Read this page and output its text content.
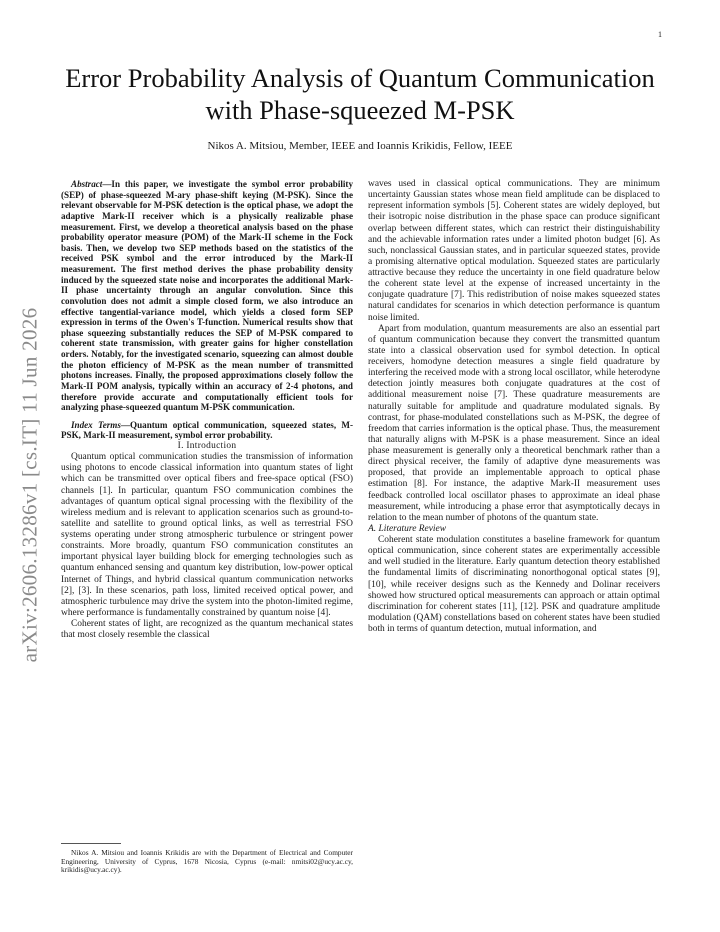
1
arXiv:2606.13286v1 [cs.IT] 11 Jun 2026
Error Probability Analysis of Quantum Communication with Phase-squeezed M-PSK
Nikos A. Mitsiou, Member, IEEE and Ioannis Krikidis, Fellow, IEEE

Abstract—In this paper, we investigate the symbol error probability (SEP) of phase-squeezed M-ary phase-shift keying (M-PSK). Since the relevant observable for M-PSK detection is the optical phase, we adopt the adaptive Mark-II receiver which is a physically realizable phase measurement. First, we develop a theoretical analysis based on the phase probability operator measure (POM) of the Mark-II scheme in the Fock basis. Then, we develop two SEP methods based on the statistics of the received PSK symbol and the error introduced by the Mark-II measurement. The first method derives the phase probability density induced by the squeezed state noise and incorporates the additional Mark-II phase uncertainty through an angular convolution. Since this convolution does not admit a simple closed form, we also introduce an effective tangential-variance model, which yields a closed form SEP expression in terms of the Owen's T-function. Numerical results show that phase squeezing substantially reduces the SEP of M-PSK compared to coherent state transmission, with greater gains for higher constellation orders. Notably, for the investigated scenario, squeezing can almost double the photon efficiency of M-PSK as the mean number of transmitted photons increases. Finally, the proposed approximations closely follow the Mark-II POM analysis, typically within an accuracy of 2-4 photons, and therefore provide accurate and computationally efficient tools for analyzing phase-squeezed quantum M-PSK communication.

Index Terms—Quantum optical communication, squeezed states, M-PSK, Mark-II measurement, symbol error probability.

I. Introduction

Quantum optical communication studies the transmission of information using photons to encode classical information into quantum states of light which can be transmitted over optical fibers and free-space optical (FSO) channels [1]. In particular, quantum FSO communication combines the advantages of quantum optical signal processing with the flexibility of the wireless medium and is relevant to application scenarios such as ground-to-satellite and satellite to ground optical links, as well as terrestrial FSO systems operating under strong atmospheric turbulence or stringent power constraints. More broadly, quantum FSO communication constitutes an important physical layer building block for emerging technologies such as quantum enhanced sensing and quantum key distribution, low-power optical Internet of Things, and hybrid classical quantum communication networks [2], [3]. In these scenarios, path loss, limited received optical power, and atmospheric turbulence may drive the system into the photon-limited regime, where performance is fundamentally constrained by quantum noise [4].

Coherent states of light, are recognized as the quantum mechanical states that most closely resemble the classical

Nikos A. Mitsiou and Ioannis Krikidis are with the Department of Electrical and Computer Engineering, University of Cyprus, 1678 Nicosia, Cyprus (e-mail: nmitsi02@ucy.ac.cy, krikidis@ucy.ac.cy).

waves used in classical optical communications. They are minimum uncertainty Gaussian states whose mean field amplitude can be displaced to represent information symbols [5]. Coherent states are widely deployed, but their isotropic noise distribution in the phase space can produce significant overlap between different states, which can restrict their distinguishability and the achievable information rates under a limited photon budget [6]. As such, nonclassical Gaussian states, and in particular squeezed states, provide a promising alternative optical modulation. Squeezed states are particularly attractive because they reduce the uncertainty in one field quadrature below the coherent state level at the expense of increased uncertainty in the conjugate quadrature [7]. This redistribution of noise makes squeezed states natural candidates for scenarios in which detection performance is quantum noise limited.

Apart from modulation, quantum measurements are also an essential part of quantum communication because they convert the transmitted quantum state into a classical observation used for symbol detection. In optical receivers, homodyne detection measures a single field quadrature by interfering the received mode with a strong local oscillator, while heterodyne detection jointly measures both conjugate quadratures at the cost of additional measurement noise [7]. These quadrature measurements are naturally suitable for amplitude and quadrature modulated signals. By contrast, for phase-modulated constellations such as M-PSK, the degree of freedom that carries information is the optical phase. Thus, the measurement that naturally aligns with M-PSK is a phase measurement. Since an ideal phase measurement is generally only a theoretical benchmark rather than a direct physical receiver, the family of adaptive dyne measurements was proposed, that provide an implementable approach to optical phase estimation [8]. For instance, the adaptive Mark-II measurement uses feedback controlled local oscillator phases to approximate an ideal phase measurement, while introducing a phase error that asymptotically decays in relation to the mean number of photons of the quantum state.

A. Literature Review

Coherent state modulation constitutes a baseline framework for quantum optical communication, since coherent states are experimentally accessible and well studied in the literature. Early quantum detection theory established the fundamental limits of discriminating nonorthogonal optical states [9], [10], while receiver designs such as the Kennedy and Dolinar receivers showed how structured optical measurements can approach or attain optimal discrimination for coherent states [11], [12]. PSK and quadrature amplitude modulation (QAM) constellations based on coherent states have been studied both in terms of quantum detection, mutual information, and
